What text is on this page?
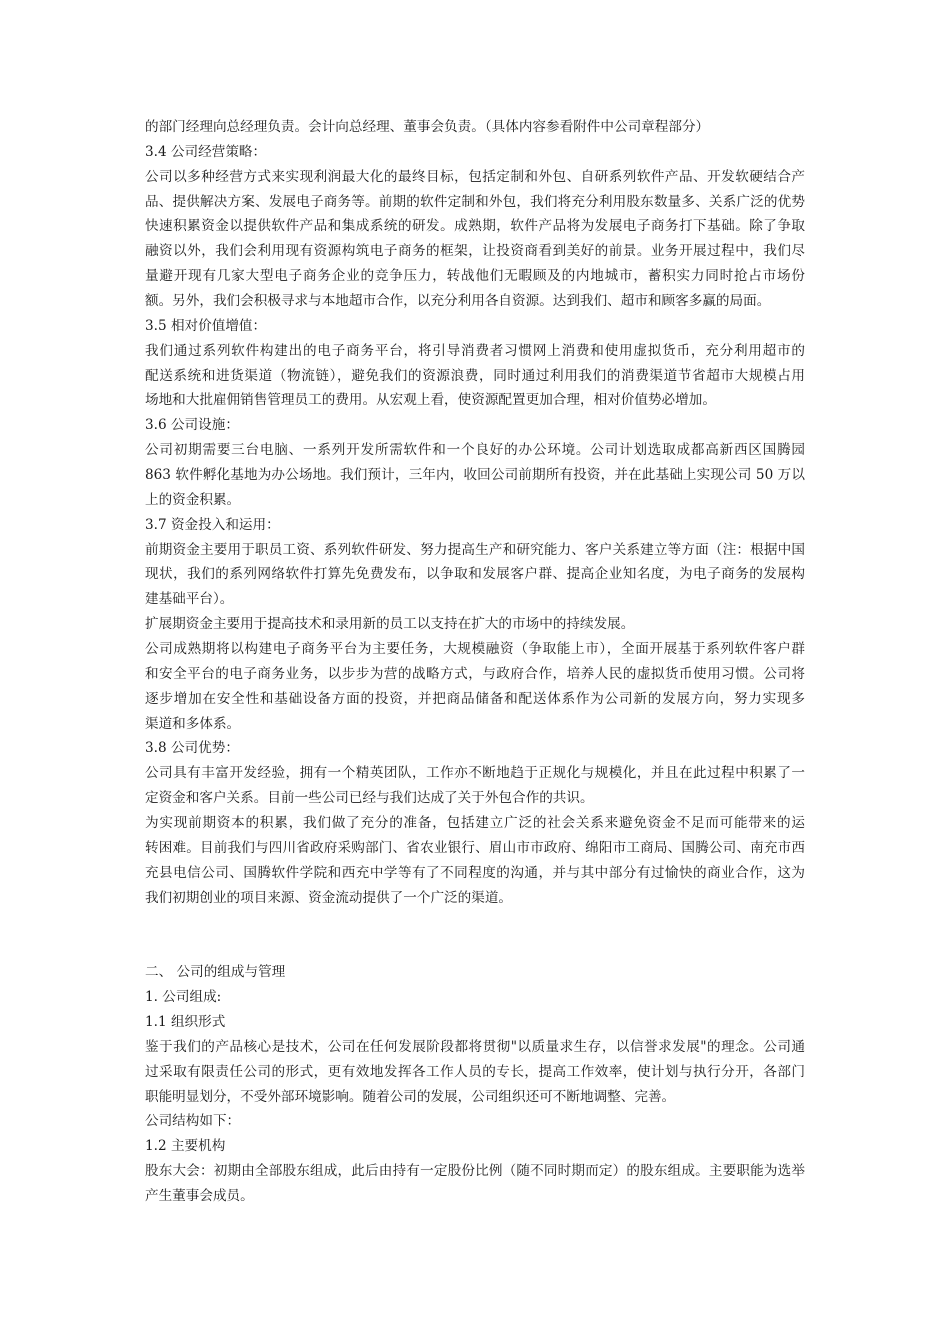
的部门经理向总经理负责。会计向总经理、董事会负责。（具体内容参看附件中公司章程部分）
3.4 公司经营策略：
公司以多种经营方式来实现利润最大化的最终目标，包括定制和外包、自研系列软件产品、开发软硬结合产
品、提供解决方案、发展电子商务等。前期的软件定制和外包，我们将充分利用股东数量多、关系广泛的优势
快速积累资金以提供软件产品和集成系统的研发。成熟期，软件产品将为发展电子商务打下基础。除了争取
融资以外，我们会利用现有资源构筑电子商务的框架，让投资商看到美好的前景。业务开展过程中，我们尽
量避开现有几家大型电子商务企业的竞争压力，转战他们无暇顾及的内地城市，蓄积实力同时抢占市场份
额。另外，我们会积极寻求与本地超市合作，以充分利用各自资源。达到我们、超市和顾客多赢的局面。
3.5 相对价值增值：
我们通过系列软件构建出的电子商务平台，将引导消费者习惯网上消费和使用虚拟货币，充分利用超市的
配送系统和进货渠道（物流链），避免我们的资源浪费，同时通过利用我们的消费渠道节省超市大规模占用
场地和大批雇佣销售管理员工的费用。从宏观上看，使资源配置更加合理，相对价值势必增加。
3.6 公司设施：
公司初期需要三台电脑、一系列开发所需软件和一个良好的办公环境。公司计划选取成都高新西区国腾园
863 软件孵化基地为办公场地。我们预计，三年内，收回公司前期所有投资，并在此基础上实现公司 50 万以
上的资金积累。
3.7 资金投入和运用：
前期资金主要用于职员工资、系列软件研发、努力提高生产和研究能力、客户关系建立等方面（注：根据中国
现状，我们的系列网络软件打算先免费发布，以争取和发展客户群、提高企业知名度，为电子商务的发展构
建基础平台）。
扩展期资金主要用于提高技术和录用新的员工以支持在扩大的市场中的持续发展。
公司成熟期将以构建电子商务平台为主要任务，大规模融资（争取能上市），全面开展基于系列软件客户群
和安全平台的电子商务业务，以步步为营的战略方式，与政府合作，培养人民的虚拟货币使用习惯。公司将
逐步增加在安全性和基础设备方面的投资，并把商品储备和配送体系作为公司新的发展方向，努力实现多
渠道和多体系。
3.8 公司优势：
公司具有丰富开发经验，拥有一个精英团队，工作亦不断地趋于正规化与规模化，并且在此过程中积累了一
定资金和客户关系。目前一些公司已经与我们达成了关于外包合作的共识。
为实现前期资本的积累，我们做了充分的准备，包括建立广泛的社会关系来避免资金不足而可能带来的运
转困难。目前我们与四川省政府采购部门、省农业银行、眉山市市政府、绵阳市工商局、国腾公司、南充市西
充县电信公司、国腾软件学院和西充中学等有了不同程度的沟通，并与其中部分有过愉快的商业合作，这为
我们初期创业的项目来源、资金流动提供了一个广泛的渠道。
二、 公司的组成与管理
1. 公司组成:
1.1 组织形式
鉴于我们的产品核心是技术，公司在任何发展阶段都将贯彻"以质量求生存，以信誉求发展"的理念。公司通
过采取有限责任公司的形式，更有效地发挥各工作人员的专长，提高工作效率，使计划与执行分开，各部门
职能明显划分，不受外部环境影响。随着公司的发展，公司组织还可不断地调整、完善。
公司结构如下：
1.2 主要机构
股东大会：初期由全部股东组成，此后由持有一定股份比例（随不同时期而定）的股东组成。主要职能为选举
产生董事会成员。
